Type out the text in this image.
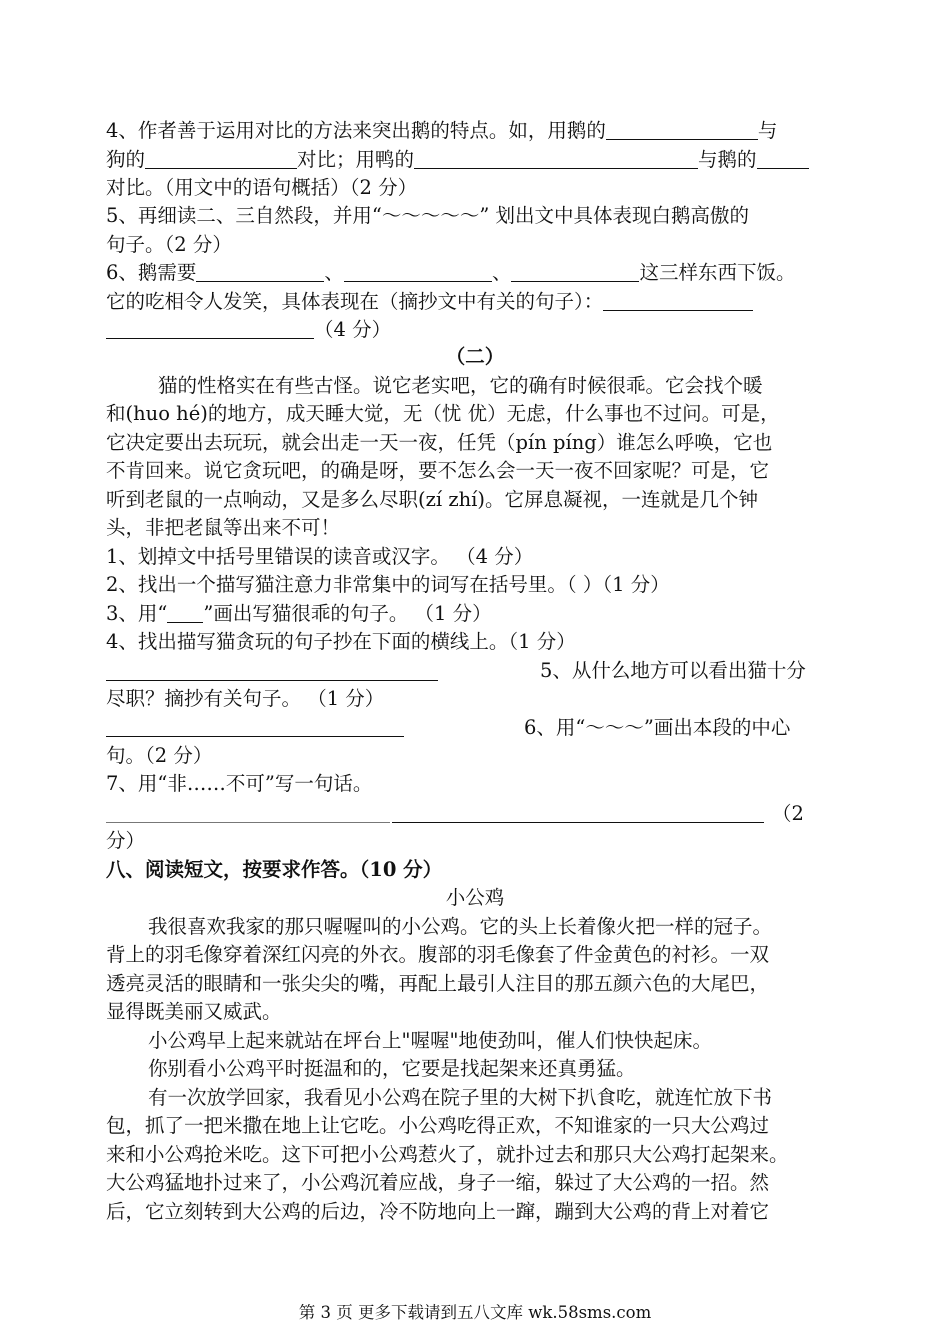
4、作者善于运用对比的方法来突出鹅的特点。如，用鹅的	与
狗的	对比；用鸭的	与鹅的
对比。（用文中的语句概括）（2 分）
5、再细读二、三自然段，并用“～～～～～” 划出文中具体表现白鹅高傲的
句子。（2 分）
6、鹅需要	、	、	这三样东西下饭。
它的吃相令人发笑，具体表现在（摘抄文中有关的句子）：
（4 分）
（二）
猫的性格实在有些古怪。说它老实吧，它的确有时候很乖。它会找个暖
和(huo hé)的地方，成天睡大觉，无（忧 优）无虑，什么事也不过问。可是，
它决定要出去玩玩，就会出走一天一夜，任凭（pín píng）谁怎么呼唤，它也
不肯回来。说它贪玩吧，的确是呀，要不怎么会一天一夜不回家呢？可是，它
听到老鼠的一点响动，又是多么尽职(zí zhí)。它屏息凝视，一连就是几个钟
头，非把老鼠等出来不可！
1、划掉文中括号里错误的读音或汉字。 （4 分）
2、找出一个描写猫注意力非常集中的词写在括号里。（ ）（1 分）
3、用“ ”画出写猫很乖的句子。 （1 分）
4、找出描写猫贪玩的句子抄在下面的横线上。（1 分）
5、从什么地方可以看出猫十分
尽职？摘抄有关句子。 （1 分）
6、用“～～～”画出本段的中心
句。（2 分）
7、用“非……不可”写一句话。
（2
分）
八、阅读短文，按要求作答。（10 分）
小公鸡
我很喜欢我家的那只喔喔叫的小公鸡。它的头上长着像火把一样的冠子。
背上的羽毛像穿着深红闪亮的外衣。腹部的羽毛像套了件金黄色的衬衫。一双
透亮灵活的眼睛和一张尖尖的嘴，再配上最引人注目的那五颜六色的大尾巴，
显得既美丽又威武。
小公鸡早上起来就站在坪台上"喔喔"地使劲叫，催人们快快起床。
你别看小公鸡平时挺温和的，它要是找起架来还真勇猛。
有一次放学回家，我看见小公鸡在院子里的大树下扒食吃，就连忙放下书
包，抓了一把米撒在地上让它吃。小公鸡吃得正欢，不知谁家的一只大公鸡过
来和小公鸡抢米吃。这下可把小公鸡惹火了，就扑过去和那只大公鸡打起架来。
大公鸡猛地扑过来了，小公鸡沉着应战，身子一缩，躲过了大公鸡的一招。然
后，它立刻转到大公鸡的后边，冷不防地向上一蹿，蹦到大公鸡的背上对着它
第 3 页 更多下载请到五八文库 wk.58sms.com
